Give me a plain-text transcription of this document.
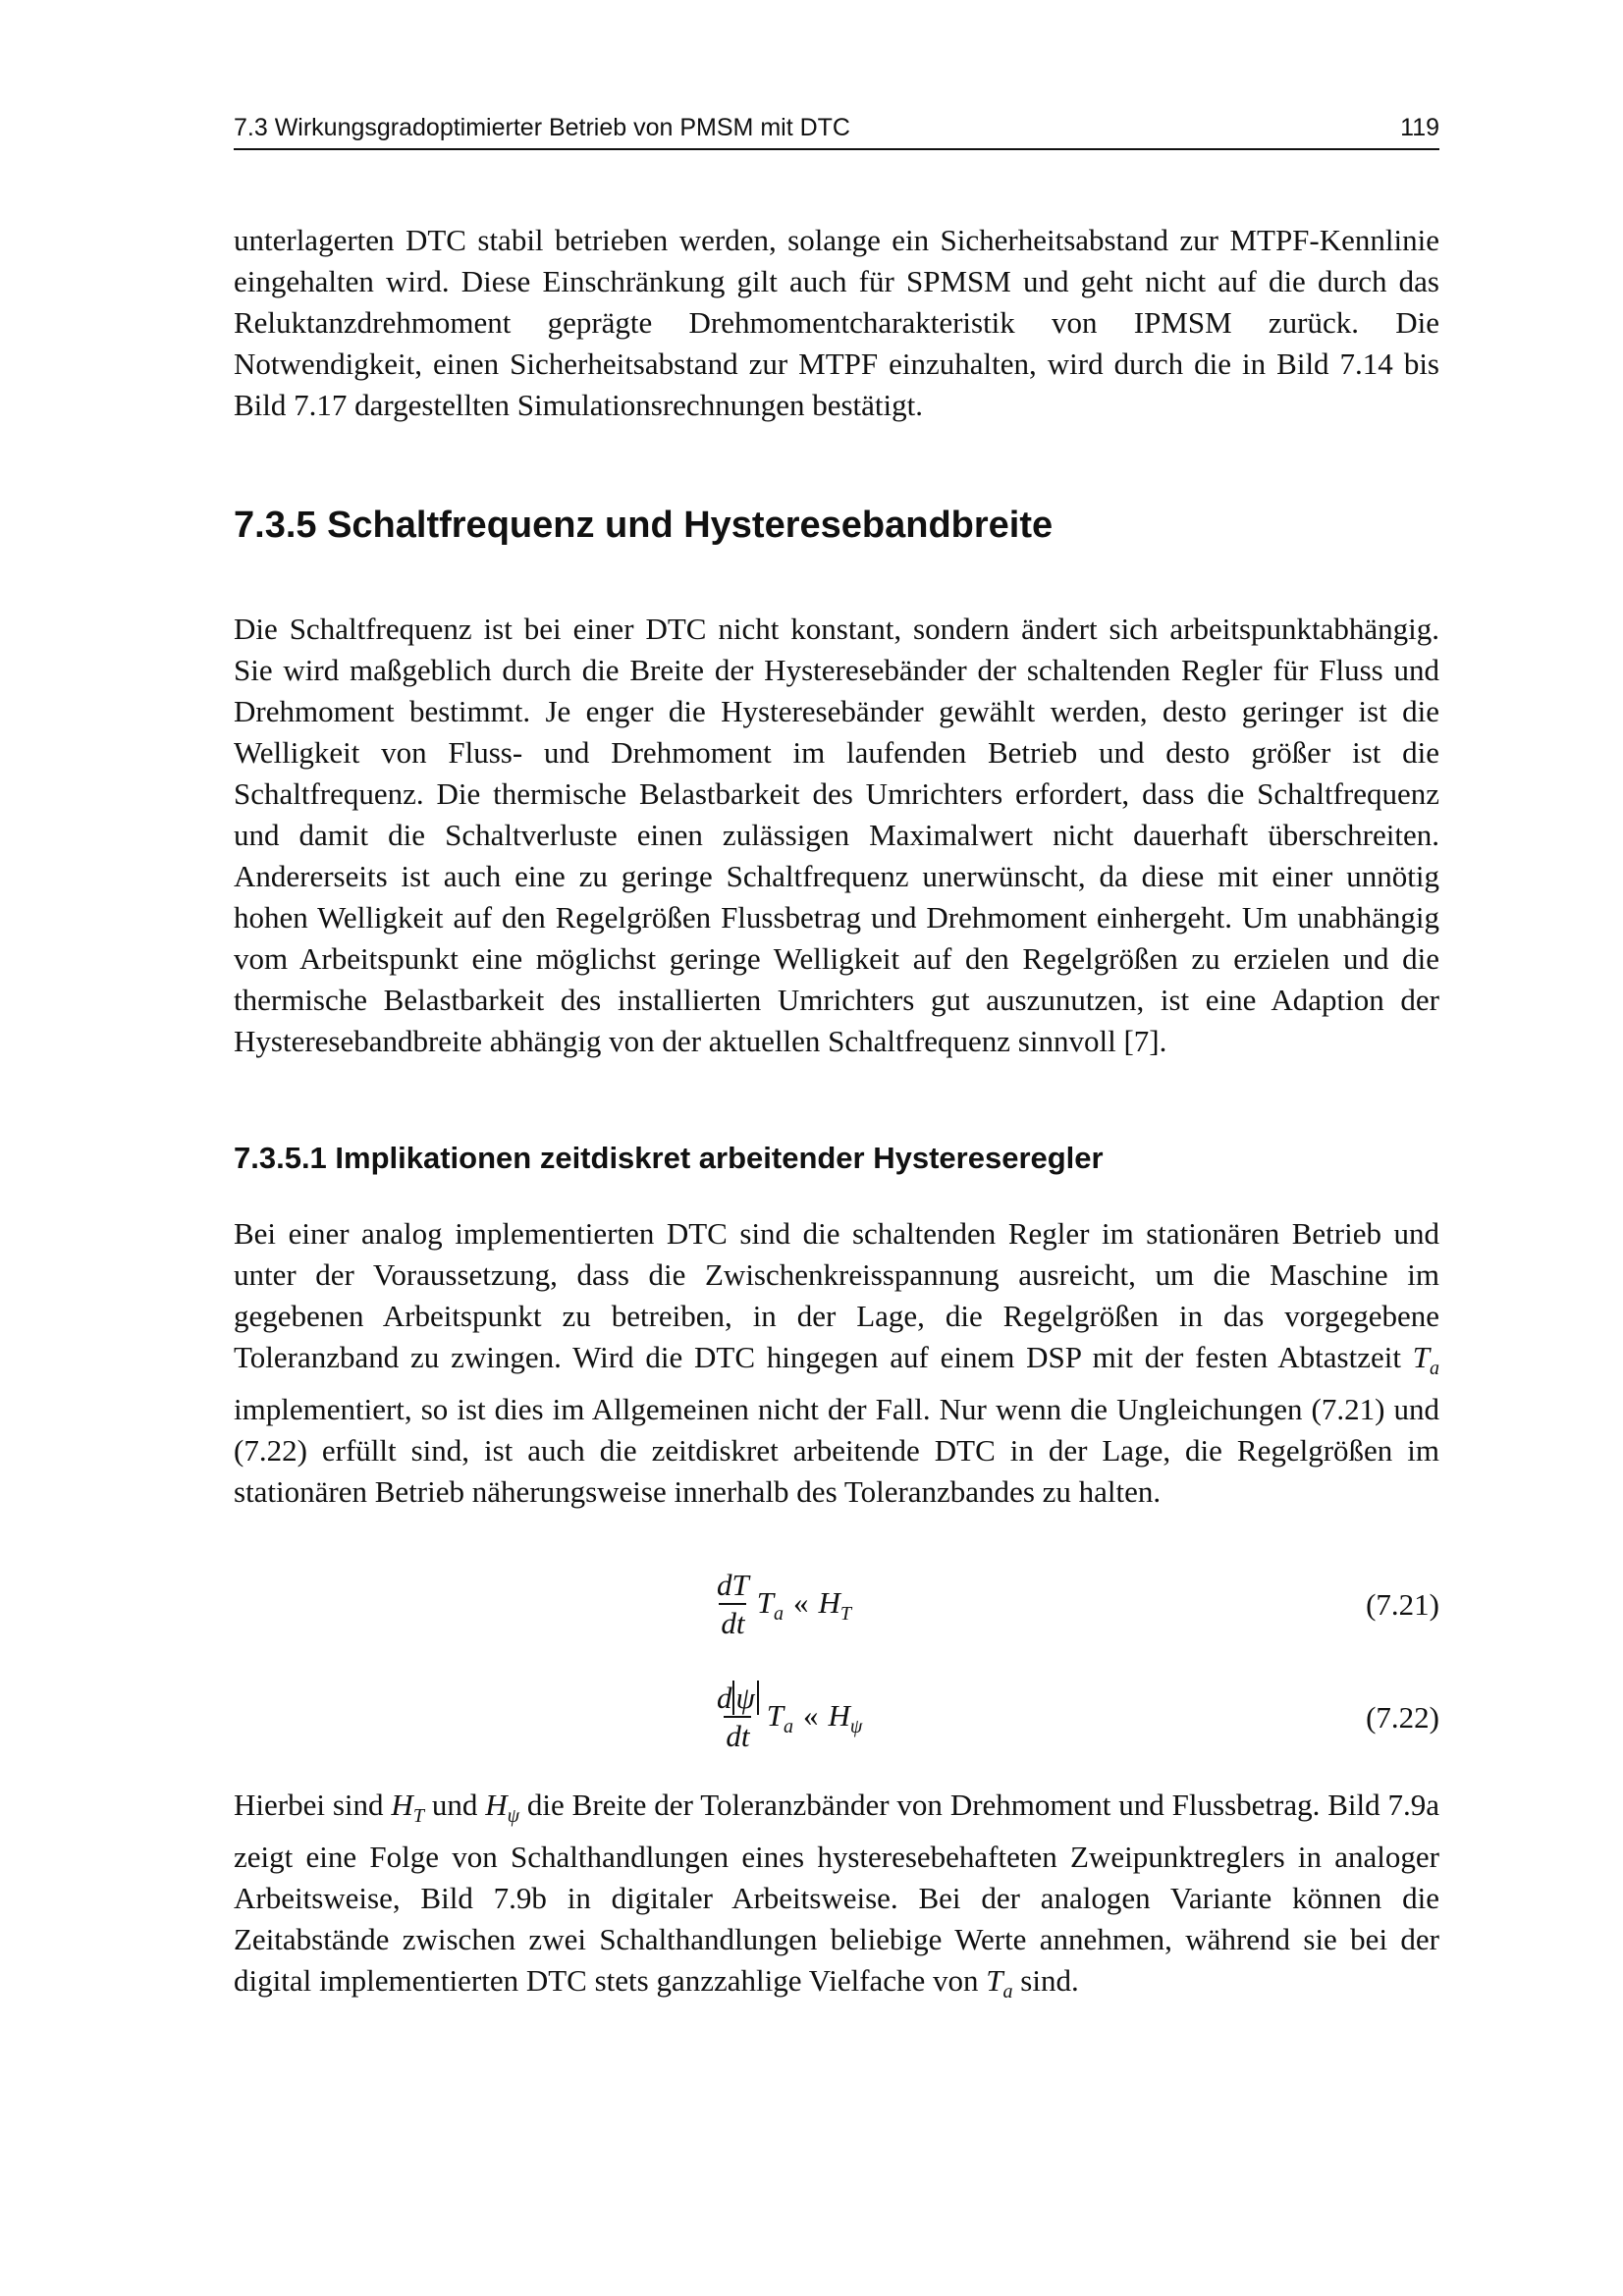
7.3 Wirkungsgradoptimierter Betrieb von PMSM mit DTC	119

unterlagerten DTC stabil betrieben werden, solange ein Sicherheitsabstand zur MTPF-Kennlinie eingehalten wird. Diese Einschränkung gilt auch für SPMSM und geht nicht auf die durch das Reluktanzdrehmoment geprägte Drehmomentcharakteristik von IPMSM zurück. Die Notwendigkeit, einen Sicherheitsabstand zur MTPF einzuhalten, wird durch die in Bild 7.14 bis Bild 7.17 dargestellten Simulationsrechnungen bestätigt.

7.3.5 Schaltfrequenz und Hysteresebandbreite

Die Schaltfrequenz ist bei einer DTC nicht konstant, sondern ändert sich arbeitspunktabhängig. Sie wird maßgeblich durch die Breite der Hysteresebänder der schaltenden Regler für Fluss und Drehmoment bestimmt. Je enger die Hysteresebänder gewählt werden, desto geringer ist die Welligkeit von Fluss- und Drehmoment im laufenden Betrieb und desto größer ist die Schaltfrequenz. Die thermische Belastbarkeit des Umrichters erfordert, dass die Schaltfrequenz und damit die Schaltverluste einen zulässigen Maximalwert nicht dauerhaft überschreiten. Andererseits ist auch eine zu geringe Schaltfrequenz unerwünscht, da diese mit einer unnötig hohen Welligkeit auf den Regelgrößen Flussbetrag und Drehmoment einhergeht. Um unabhängig vom Arbeitspunkt eine möglichst geringe Welligkeit auf den Regelgrößen zu erzielen und die thermische Belastbarkeit des installierten Umrichters gut auszunutzen, ist eine Adaption der Hysteresebandbreite abhängig von der aktuellen Schaltfrequenz sinnvoll [7].

7.3.5.1 Implikationen zeitdiskret arbeitender Hystereseregler

Bei einer analog implementierten DTC sind die schaltenden Regler im stationären Betrieb und unter der Voraussetzung, dass die Zwischenkreisspannung ausreicht, um die Maschine im gegebenen Arbeitspunkt zu betreiben, in der Lage, die Regelgrößen in das vorgegebene Toleranzband zu zwingen. Wird die DTC hingegen auf einem DSP mit der festen Abtastzeit $T_a$ implementiert, so ist dies im Allgemeinen nicht der Fall. Nur wenn die Ungleichungen (7.21) und (7.22) erfüllt sind, ist auch die zeitdiskret arbeitende DTC in der Lage, die Regelgrößen im stationären Betrieb näherungsweise innerhalb des Toleranzbandes zu halten.

$\frac{dT}{dt} T_a$ « $H_T$	(7.21)
$\frac{\text{d ψ}}{dt} T_a$ « $H_\psi$	(7.22)

Hierbei sind $H_T$ und $H_\psi$ die Breite der Toleranzbänder von Drehmoment und Flussbetrag. Bild 7.9a zeigt eine Folge von Schalthandlungen eines hysteresebehafteten Zweipunktreglers in analoger Arbeitsweise, Bild 7.9b in digitaler Arbeitsweise. Bei der analogen Variante können die Zeitabstände zwischen zwei Schalthandlungen beliebige Werte annehmen, während sie bei der digital implementierten DTC stets ganzzahlige Vielfache von $T_a$ sind.
